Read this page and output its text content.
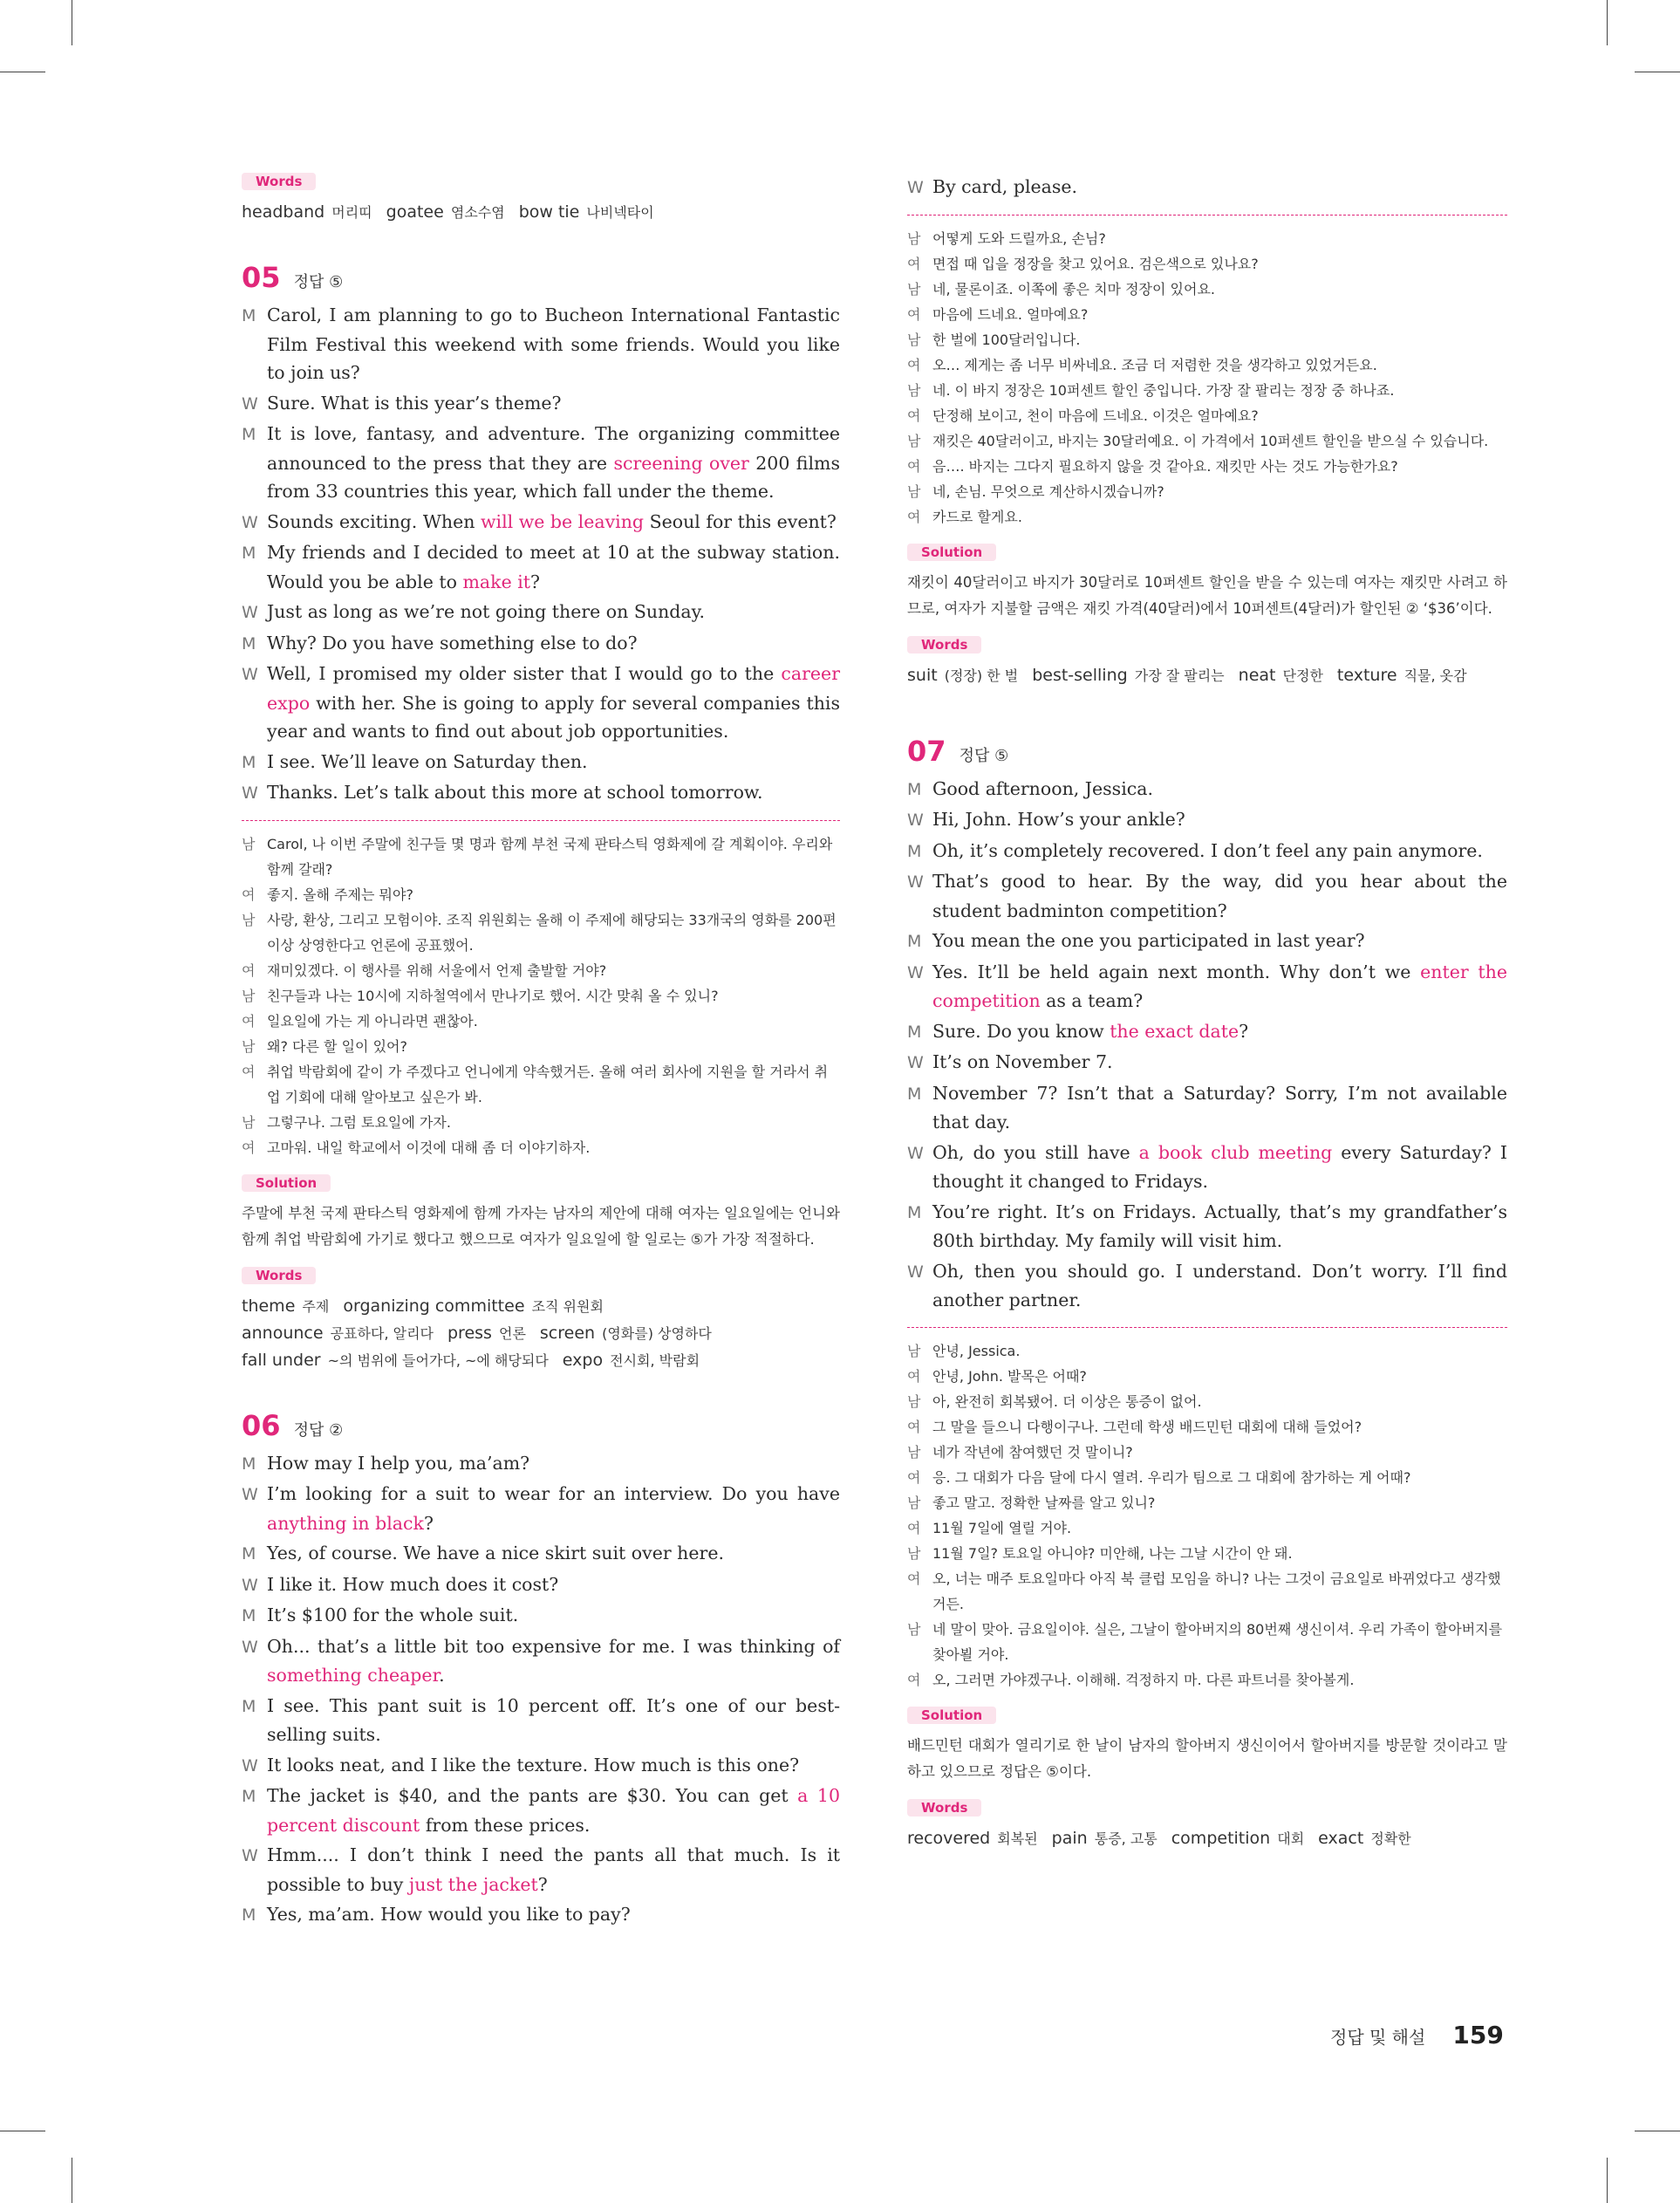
Words
headband 머리띠 goatee 염소수염 bow tie 나비넥타이
05 정답 ⑤
M Carol, I am planning to go to Bucheon International Fantastic Film Festival this weekend with some friends. Would you like to join us?
W Sure. What is this year’s theme?
M It is love, fantasy, and adventure. The organizing committee announced to the press that they are screening over 200 films from 33 countries this year, which fall under the theme.
W Sounds exciting. When will we be leaving Seoul for this event?
M My friends and I decided to meet at 10 at the subway station. Would you be able to make it?
W Just as long as we’re not going there on Sunday.
M Why? Do you have something else to do?
W Well, I promised my older sister that I would go to the career expo with her. She is going to apply for several companies this year and wants to find out about job opportunities.
M I see. We’ll leave on Saturday then.
W Thanks. Let’s talk about this more at school tomorrow.
남 Carol, 나 이번 주말에 친구들 몇 명과 함께 부천 국제 판타스틱 영화제에 갈 계획이야. 우리와 함께 갈래?
여 좋지. 올해 주제는 뭐야?
남 사랑, 환상, 그리고 모험이야. 조직 위원회는 올해 이 주제에 해당되는 33개국의 영화를 200편 이상 상영한다고 언론에 공표했어.
여 재미있겠다. 이 행사를 위해 서울에서 언제 출발할 거야?
남 친구들과 나는 10시에 지하철역에서 만나기로 했어. 시간 맞춰 올 수 있니?
여 일요일에 가는 게 아니라면 괜찮아.
남 왜? 다른 할 일이 있어?
여 취업 박람회에 같이 가 주겠다고 언니에게 약속했거든. 올해 여러 회사에 지원을 할 거라서 취업 기회에 대해 알아보고 싶은가 봐.
남 그렇구나. 그럼 토요일에 가자.
여 고마워. 내일 학교에서 이것에 대해 좀 더 이야기하자.
Solution
주말에 부천 국제 판타스틱 영화제에 함께 가자는 남자의 제안에 대해 여자는 일요일에는 언니와 함께 취업 박람회에 가기로 했다고 했으므로 여자가 일요일에 할 일로는 ⑤가 가장 적절하다.
Words
theme 주제 organizing committee 조직 위원회
announce 공표하다, 알리다 press 언론 screen (영화를) 상영하다
fall under ~의 범위에 들어가다, ~에 해당되다 expo 전시회, 박람회
06 정답 ②
M How may I help you, ma’am?
W I’m looking for a suit to wear for an interview. Do you have anything in black?
M Yes, of course. We have a nice skirt suit over here.
W I like it. How much does it cost?
M It’s $100 for the whole suit.
W Oh... that’s a little bit too expensive for me. I was thinking of something cheaper.
M I see. This pant suit is 10 percent off. It’s one of our best-selling suits.
W It looks neat, and I like the texture. How much is this one?
M The jacket is $40, and the pants are $30. You can get a 10 percent discount from these prices.
W Hmm.... I don’t think I need the pants all that much. Is it possible to buy just the jacket?
M Yes, ma’am. How would you like to pay?
W By card, please.
남 어떻게 도와 드릴까요, 손님?
여 면접 때 입을 정장을 찾고 있어요. 검은색으로 있나요?
남 네, 물론이죠. 이쪽에 좋은 치마 정장이 있어요.
여 마음에 드네요. 얼마예요?
남 한 벌에 100달러입니다.
여 오… 제게는 좀 너무 비싸네요. 조금 더 저렴한 것을 생각하고 있었거든요.
남 네. 이 바지 정장은 10퍼센트 할인 중입니다. 가장 잘 팔리는 정장 중 하나죠.
여 단정해 보이고, 천이 마음에 드네요. 이것은 얼마예요?
남 재킷은 40달러이고, 바지는 30달러예요. 이 가격에서 10퍼센트 할인을 받으실 수 있습니다.
여 음…. 바지는 그다지 필요하지 않을 것 같아요. 재킷만 사는 것도 가능한가요?
남 네, 손님. 무엇으로 계산하시겠습니까?
여 카드로 할게요.
Solution
재킷이 40달러이고 바지가 30달러로 10퍼센트 할인을 받을 수 있는데 여자는 재킷만 사려고 하므로, 여자가 지불할 금액은 재킷 가격(40달러)에서 10퍼센트(4달러)가 할인된 ② ‘$36’이다.
Words
suit (정장) 한 벌 best-selling 가장 잘 팔리는 neat 단정한 texture 직물, 옷감
07 정답 ⑤
M Good afternoon, Jessica.
W Hi, John. How’s your ankle?
M Oh, it’s completely recovered. I don’t feel any pain anymore.
W That’s good to hear. By the way, did you hear about the student badminton competition?
M You mean the one you participated in last year?
W Yes. It’ll be held again next month. Why don’t we enter the competition as a team?
M Sure. Do you know the exact date?
W It’s on November 7.
M November 7? Isn’t that a Saturday? Sorry, I’m not available that day.
W Oh, do you still have a book club meeting every Saturday? I thought it changed to Fridays.
M You’re right. It’s on Fridays. Actually, that’s my grandfather’s 80th birthday. My family will visit him.
W Oh, then you should go. I understand. Don’t worry. I’ll find another partner.
남 안녕, Jessica.
여 안녕, John. 발목은 어때?
남 아, 완전히 회복됐어. 더 이상은 통증이 없어.
여 그 말을 들으니 다행이구나. 그런데 학생 배드민턴 대회에 대해 들었어?
남 네가 작년에 참여했던 것 말이니?
여 응. 그 대회가 다음 달에 다시 열려. 우리가 팀으로 그 대회에 참가하는 게 어때?
남 좋고 말고. 정확한 날짜를 알고 있니?
여 11월 7일에 열릴 거야.
남 11월 7일? 토요일 아니야? 미안해, 나는 그날 시간이 안 돼.
여 오, 너는 매주 토요일마다 아직 북 클럽 모임을 하니? 나는 그것이 금요일로 바뀌었다고 생각했거든.
남 네 말이 맞아. 금요일이야. 실은, 그날이 할아버지의 80번째 생신이셔. 우리 가족이 할아버지를 찾아뵐 거야.
여 오, 그러면 가야겠구나. 이해해. 걱정하지 마. 다른 파트너를 찾아볼게.
Solution
배드민턴 대회가 열리기로 한 날이 남자의 할아버지 생신이어서 할아버지를 방문할 것이라고 말하고 있으므로 정답은 ⑤이다.
Words
recovered 회복된 pain 통증, 고통 competition 대회 exact 정확한
정답 및 해설 159
